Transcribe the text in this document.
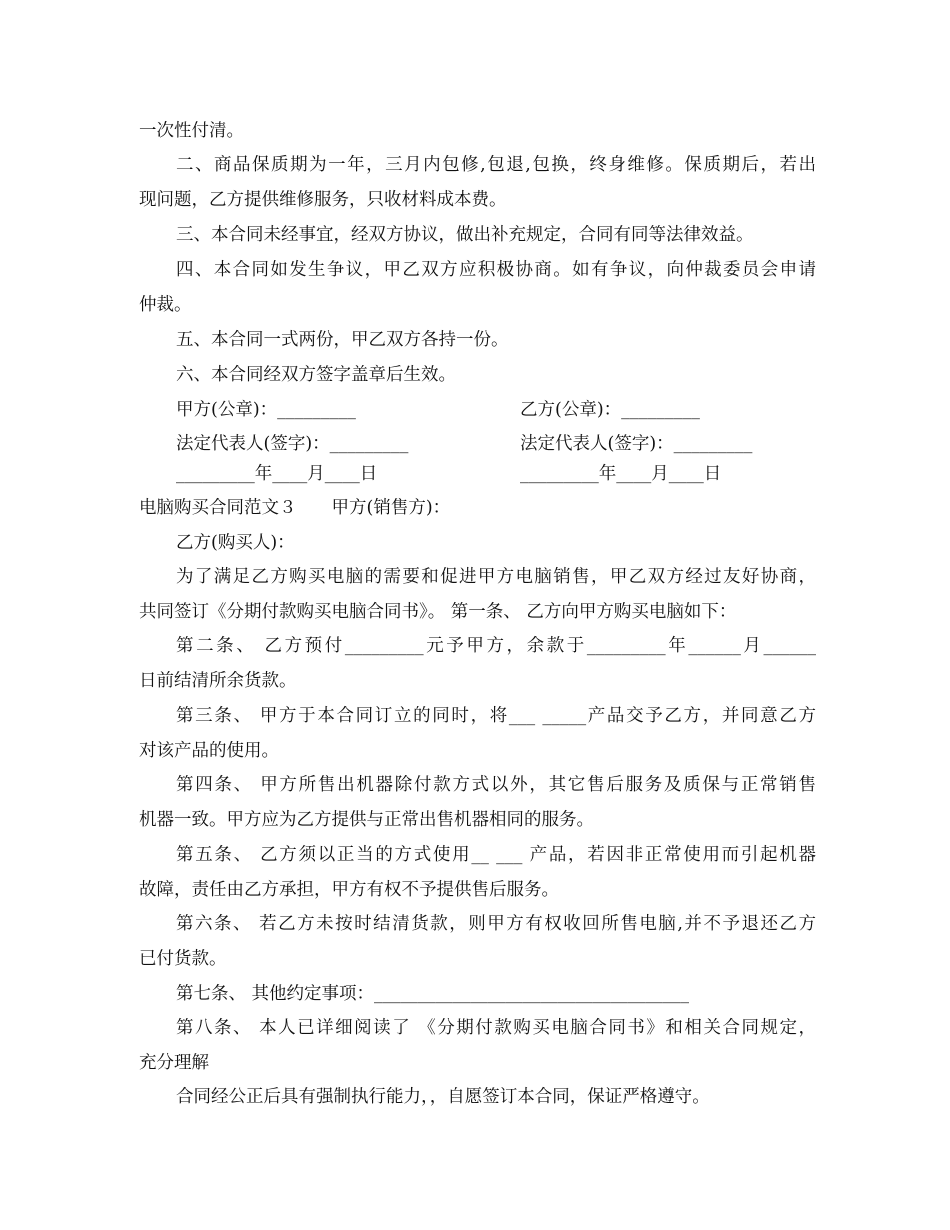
一次性付清。
二、商品保质期为一年，三月内包修,包退,包换，终身维修。保质期后，若出
现问题，乙方提供维修服务，只收材料成本费。
三、本合同未经事宜，经双方协议，做出补充规定，合同有同等法律效益。
四、本合同如发生争议，甲乙双方应积极协商。如有争议，向仲裁委员会申请
仲裁。
五、本合同一式两份，甲乙双方各持一份。
六、本合同经双方签字盖章后生效。
甲方(公章)：_________	乙方(公章)：_________
法定代表人(签字)：_________	法定代表人(签字)：_________
_________年____月____日	_________年____月____日
电脑购买合同范文３　　甲方(销售方)：
乙方(购买人)：
为了满足乙方购买电脑的需要和促进甲方电脑销售，甲乙双方经过友好协商，
共同签订《分期付款购买电脑合同书》。 第一条、 乙方向甲方购买电脑如下：
第二条、 乙方预付_________元予甲方，余款于_________年______月______
日前结清所余货款。
第三条、 甲方于本合同订立的同时，将___ _____产品交予乙方，并同意乙方
对该产品的使用。
第四条、 甲方所售出机器除付款方式以外，其它售后服务及质保与正常销售
机器一致。甲方应为乙方提供与正常出售机器相同的服务。
第五条、 乙方须以正当的方式使用__ ___ 产品，若因非正常使用而引起机器
故障，责任由乙方承担，甲方有权不予提供售后服务。
第六条、 若乙方未按时结清货款，则甲方有权收回所售电脑,并不予退还乙方
已付货款。
第七条、 其他约定事项：____________________________________
第八条、 本人已详细阅读了 《分期付款购买电脑合同书》和相关合同规定，
充分理解
合同经公正后具有强制执行能力，，自愿签订本合同，保证严格遵守。
